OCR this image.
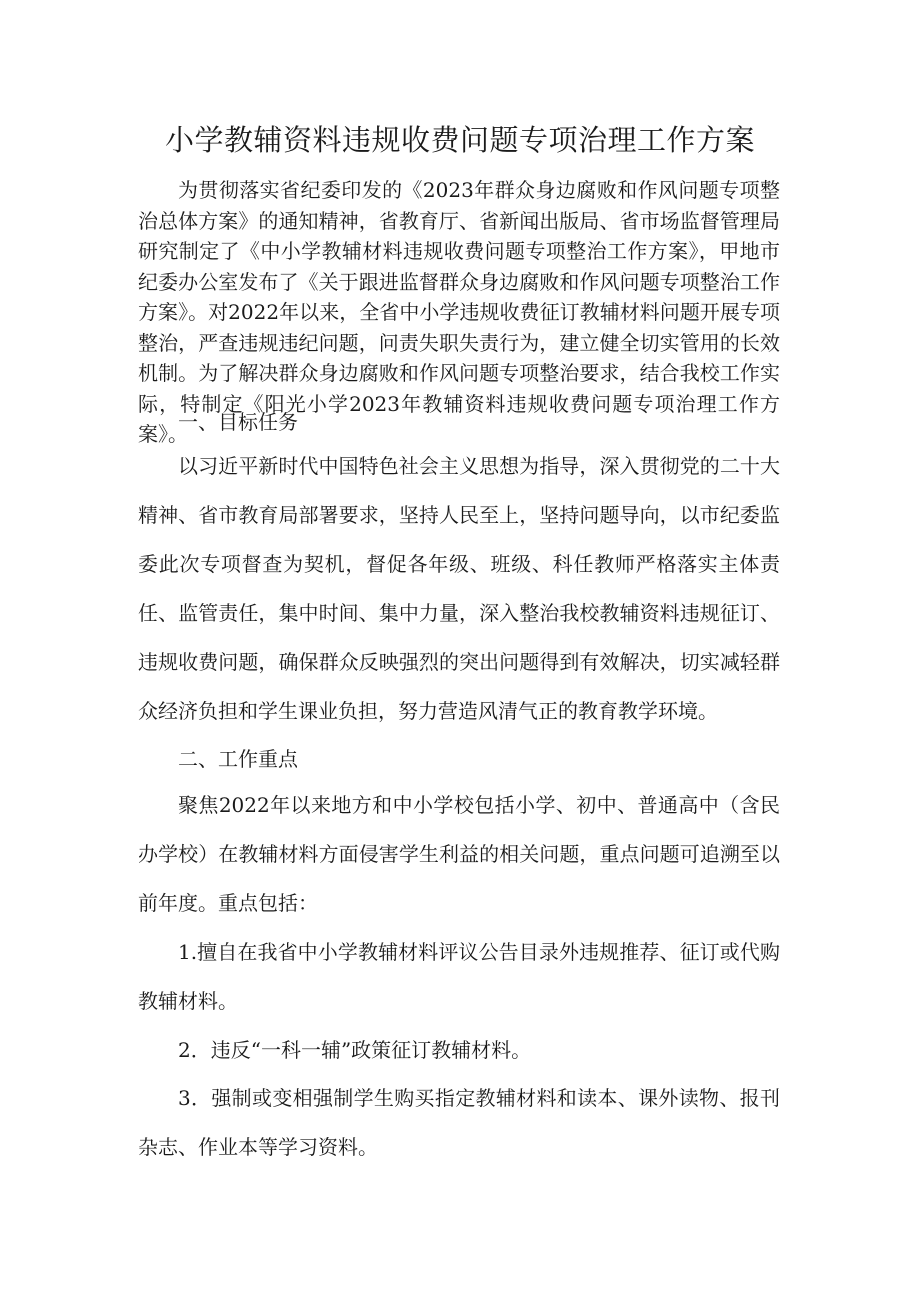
小学教辅资料违规收费问题专项治理工作方案

为贯彻落实省纪委印发的《2023年群众身边腐败和作风问题专项整治总体方案》的通知精神，省教育厅、省新闻出版局、省市场监督管理局研究制定了《中小学教辅材料违规收费问题专项整治工作方案》，甲地市纪委办公室发布了《关于跟进监督群众身边腐败和作风问题专项整治工作方案》。对2022年以来，全省中小学违规收费征订教辅材料问题开展专项整治，严查违规违纪问题，问责失职失责行为，建立健全切实管用的长效机制。为了解决群众身边腐败和作风问题专项整治要求，结合我校工作实际，特制定《阳光小学2023年教辅资料违规收费问题专项治理工作方案》。

一、目标任务

以习近平新时代中国特色社会主义思想为指导，深入贯彻党的二十大精神、省市教育局部署要求，坚持人民至上，坚持问题导向，以市纪委监委此次专项督查为契机，督促各年级、班级、科任教师严格落实主体责任、监管责任，集中时间、集中力量，深入整治我校教辅资料违规征订、违规收费问题，确保群众反映强烈的突出问题得到有效解决，切实减轻群众经济负担和学生课业负担，努力营造风清气正的教育教学环境。

二、工作重点

聚焦2022年以来地方和中小学校包括小学、初中、普通高中（含民办学校）在教辅材料方面侵害学生利益的相关问题，重点问题可追溯至以前年度。重点包括：

1.擅自在我省中小学教辅材料评议公告目录外违规推荐、征订或代购教辅材料。

2．违反“一科一辅”政策征订教辅材料。

3．强制或变相强制学生购买指定教辅材料和读本、课外读物、报刊杂志、作业本等学习资料。
